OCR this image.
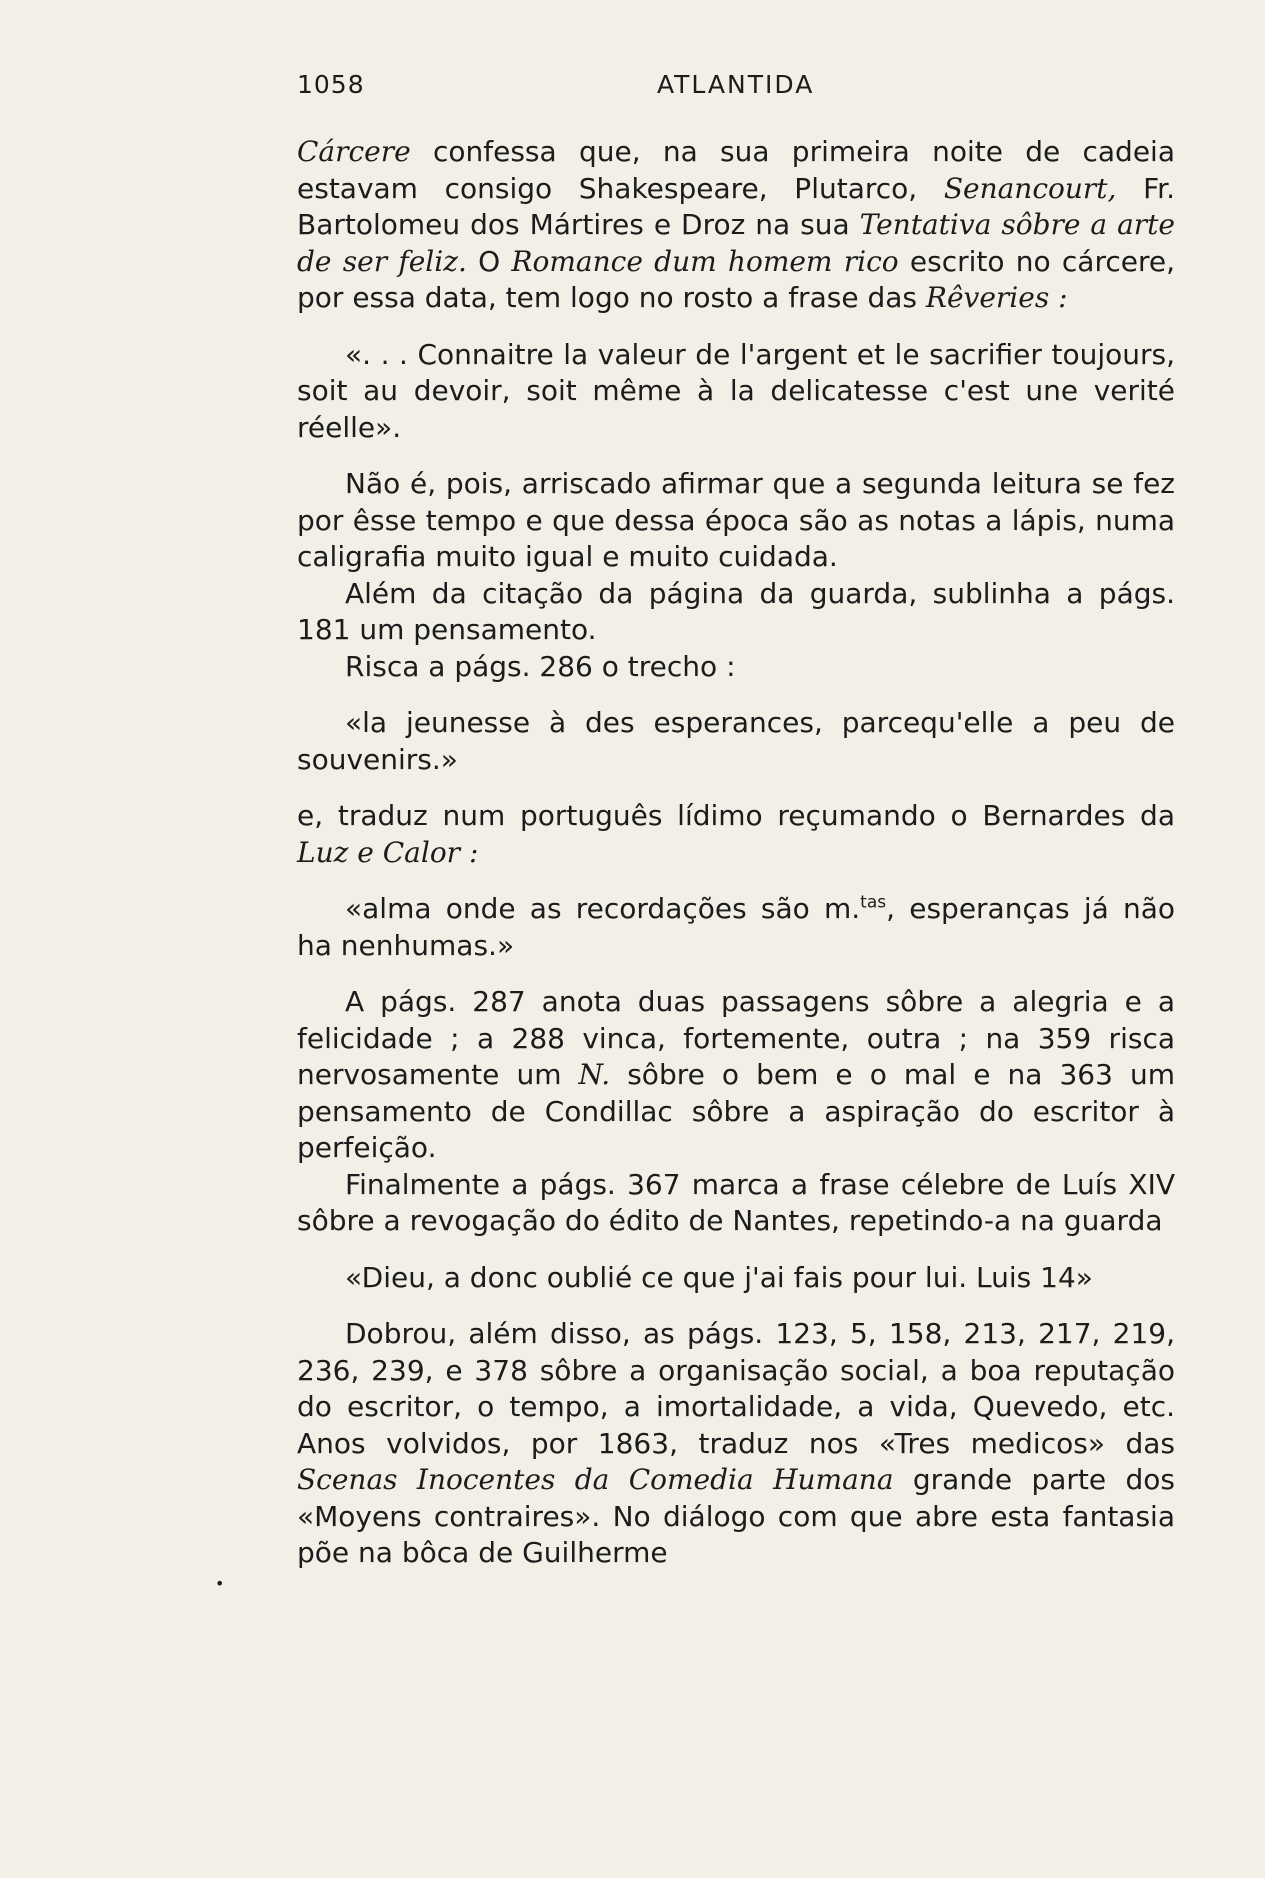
1058	ATLANTIDA

Cárcere confessa que, na sua primeira noite de cadeia estavam consigo Shakespeare, Plutarco, Senancourt, Fr. Bartolomeu dos Mártires e Droz na sua Tentativa sôbre a arte de ser feliz. O Romance dum homem rico escrito no cárcere, por essa data, tem logo no rosto a frase das Rêveries :

«. . . Connaitre la valeur de l'argent et le sacrifier toujours, soit au devoir, soit même à la delicatesse c'est une verité réelle».

Não é, pois, arriscado afirmar que a segunda leitura se fez por êsse tempo e que dessa época são as notas a lápis, numa caligrafia muito igual e muito cuidada.

Além da citação da página da guarda, sublinha a págs. 181 um pensamento.

Risca a págs. 286 o trecho :

«la jeunesse à des esperances, parcequ'elle a peu de souvenirs.»

e, traduz num português lídimo reçumando o Bernardes da Luz e Calor :

«alma onde as recordações são m.$^{tas}$, esperanças já não ha nenhumas.»

A págs. 287 anota duas passagens sôbre a alegria e a felicidade ; a 288 vinca, fortemente, outra ; na 359 risca nervosamente um N. sôbre o bem e o mal e na 363 um pensamento de Condillac sôbre a aspiração do escritor à perfeição.

Finalmente a págs. 367 marca a frase célebre de Luís XIV sôbre a revogação do édito de Nantes, repetindo-a na guarda

«Dieu, a donc oublié ce que j'ai fais pour lui. Luis 14»

Dobrou, além disso, as págs. 123, 5, 158, 213, 217, 219, 236, 239, e 378 sôbre a organisação social, a boa reputação do escritor, o tempo, a imortalidade, a vida, Quevedo, etc. Anos volvidos, por 1863, traduz nos «Tres medicos» das Scenas Inocentes da Comedia Humana grande parte dos «Moyens contraires». No diálogo com que abre esta fantasia põe na bôca de Guilherme

•
